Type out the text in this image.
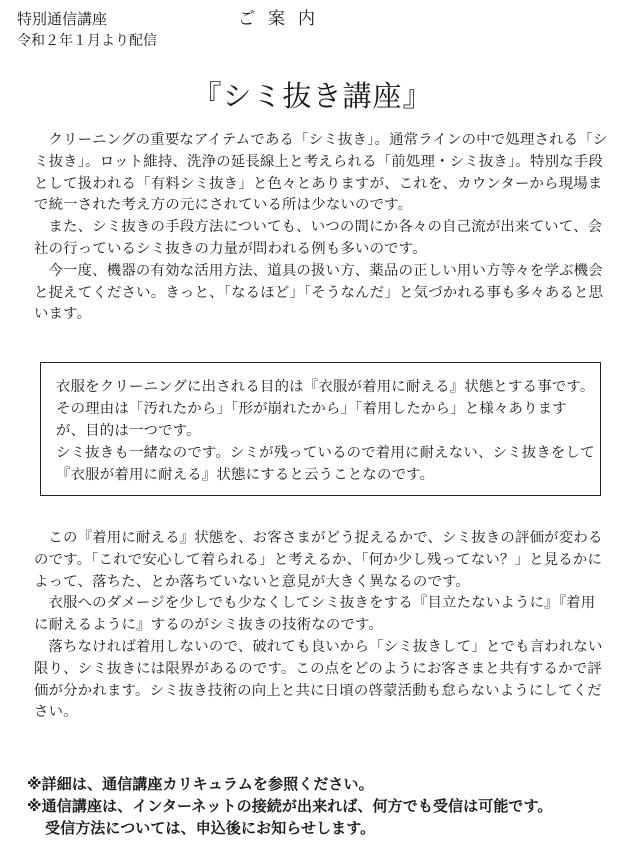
特別通信講座
令和２年１月より配信
ご案内
『シミ抜き講座』

クリーニングの重要なアイテムである「シミ抜き」。通常ラインの中で処理される「シミ抜き」。ロット維持、洗浄の延長線上と考えられる「前処理・シミ抜き」。特別な手段として扱われる「有料シミ抜き」と色々とありますが、これを、カウンターから現場まで統一された考え方の元にされている所は少ないのです。

また、シミ抜きの手段方法についても、いつの間にか各々の自己流が出来ていて、会社の行っているシミ抜きの力量が問われる例も多いのです。

今一度、機器の有効な活用方法、道具の扱い方、薬品の正しい用い方等々を学ぶ機会と捉えてください。きっと、「なるほど」「そうなんだ」と気づかれる事も多々あると思います。

衣服をクリーニングに出される目的は『衣服が着用に耐える』状態とする事です。その理由は「汚れたから」「形が崩れたから」「着用したから」と様々ありますが、目的は一つです。

シミ抜きも一緒なのです。シミが残っているので着用に耐えない、シミ抜きをして『衣服が着用に耐える』状態にすると云うことなのです。

この『着用に耐える』状態を、お客さまがどう捉えるかで、シミ抜きの評価が変わるのです。「これで安心して着られる」と考えるか、「何か少し残ってない？」と見るかによって、落ちた、とか落ちていないと意見が大きく異なるのです。

衣服へのダメージを少しでも少なくしてシミ抜きをする『目立たないように』『着用に耐えるように』するのがシミ抜きの技術なのです。

落ちなければ着用しないので、破れても良いから「シミ抜きして」とでも言われない限り、シミ抜きには限界があるのです。この点をどのようにお客さまと共有するかで評価が分かれます。シミ抜き技術の向上と共に日頃の啓蒙活動も怠らないようにしてください。

※詳細は、通信講座カリキュラムを参照ください。

※通信講座は、インターネットの接続が出来れば、何方でも受信は可能です。

受信方法については、申込後にお知らせします。
